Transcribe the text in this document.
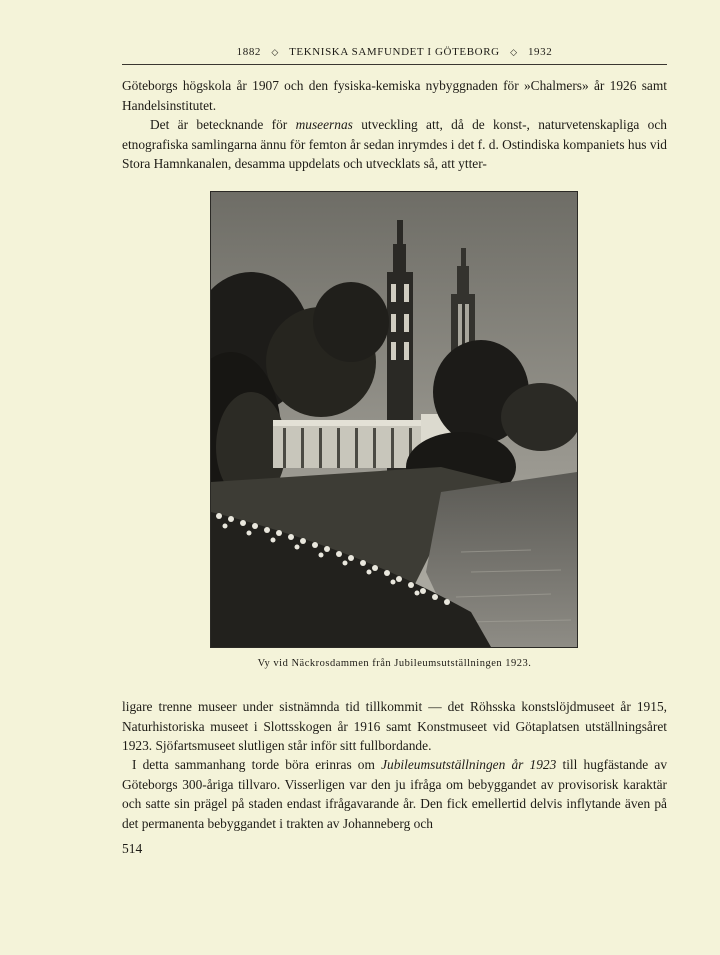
1882 ◇ TEKNISKA SAMFUNDET I GÖTEBORG ◇ 1932

Göteborgs högskola år 1907 och den fysiska-kemiska nybyggnaden för »Chalmers» år 1926 samt Handelsinstitutet.

Det är betecknande för museernas utveckling att, då de konst-, naturvetenskapliga och etnografiska samlingarna ännu för femton år sedan inrymdes i det f. d. Ostindiska kompaniets hus vid Stora Hamnkanalen, desamma uppdelats och utvecklats så, att ytter-

Vy vid Näckrosdammen från Jubileumsutställningen 1923.

ligare trenne museer under sistnämnda tid tillkommit — det Röhsska konstslöjdmuseet år 1915, Naturhistoriska museet i Slottsskogen år 1916 samt Konstmuseet vid Götaplatsen utställningsåret 1923. Sjöfartsmuseet slutligen står inför sitt fullbordande.

I detta sammanhang torde böra erinras om Jubileumsutställningen år 1923 till hugfästande av Göteborgs 300-åriga tillvaro. Visserligen var den ju ifråga om bebyggandet av provisorisk karaktär och satte sin prägel på staden endast ifrågavarande år. Den fick emellertid delvis inflytande även på det permanenta bebyggandet i trakten av Johanneberg och

514
